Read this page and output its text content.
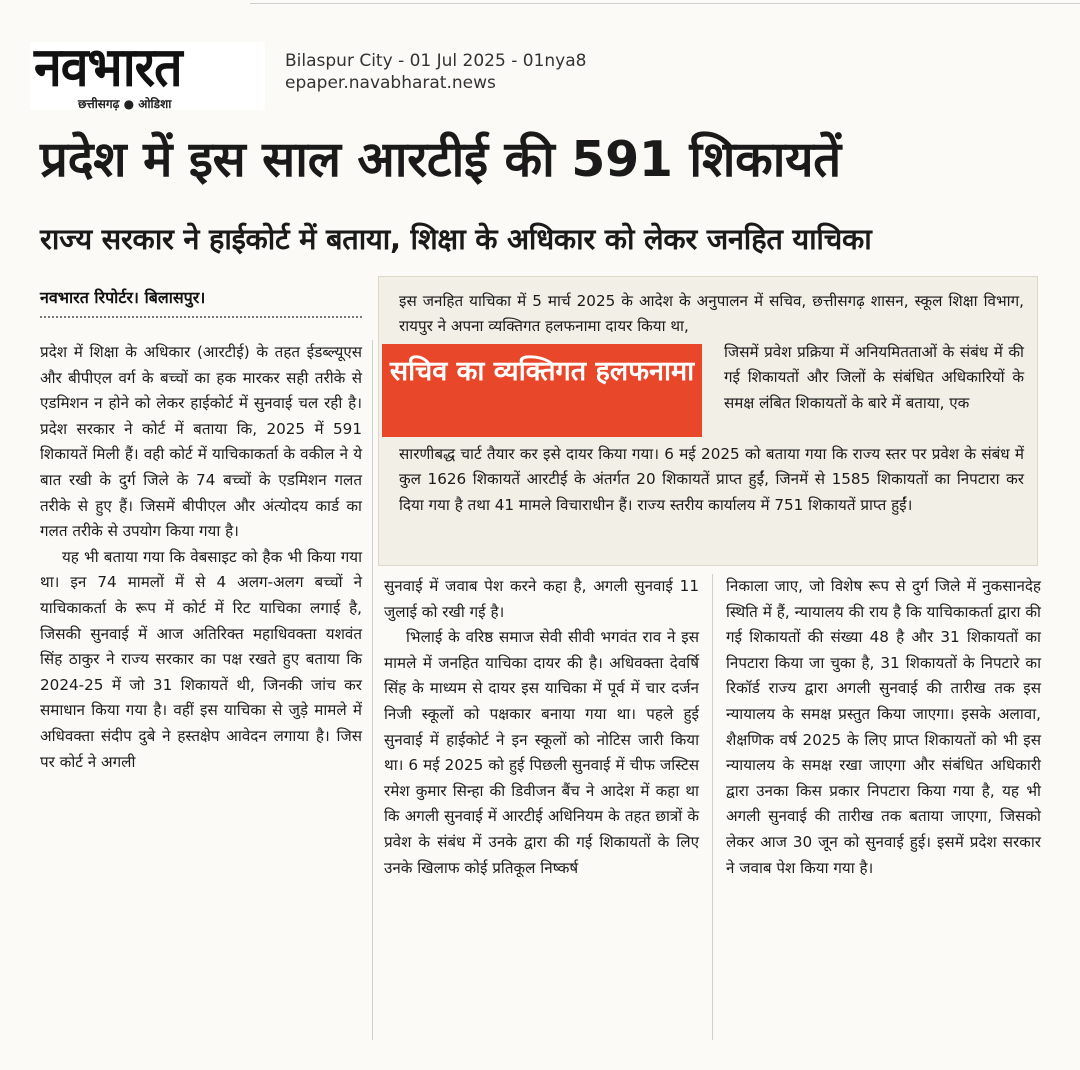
नवभारत
छत्तीसगढ़ ● ओडिशा
Bilaspur City - 01 Jul 2025 - 01nya8
epaper.navabharat.news
प्रदेश में इस साल आरटीई की 591 शिकायतें
राज्य सरकार ने हाईकोर्ट में बताया, शिक्षा के अधिकार को लेकर जनहित याचिका
नवभारत रिपोर्टर। बिलासपुर।

प्रदेश में शिक्षा के अधिकार (आरटीई) के तहत ईडब्ल्यूएस और बीपीएल वर्ग के बच्चों का हक मारकर सही तरीके से एडमिशन न होने को लेकर हाईकोर्ट में सुनवाई चल रही है। प्रदेश सरकार ने कोर्ट में बताया कि, 2025 में 591 शिकायतें मिली हैं। वही कोर्ट में याचिकाकर्ता के वकील ने ये बात रखी के दुर्ग जिले के 74 बच्चों के एडमिशन गलत तरीके से हुए हैं। जिसमें बीपीएल और अंत्योदय कार्ड का गलत तरीके से उपयोग किया गया है।

यह भी बताया गया कि वेबसाइट को हैक भी किया गया था। इन 74 मामलों में से 4 अलग-अलग बच्चों ने याचिकाकर्ता के रूप में कोर्ट में रिट याचिका लगाई है, जिसकी सुनवाई में आज अतिरिक्त महाधिवक्ता यशवंत सिंह ठाकुर ने राज्य सरकार का पक्ष रखते हुए बताया कि 2024-25 में जो 31 शिकायतें थी, जिनकी जांच कर समाधान किया गया है। वहीं इस याचिका से जुड़े मामले में अधिवक्ता संदीप दुबे ने हस्तक्षेप आवेदन लगाया है। जिस पर कोर्ट ने अगली

इस जनहित याचिका में 5 मार्च 2025 के आदेश के अनुपालन में सचिव, छत्तीसगढ़ शासन, स्कूल शिक्षा विभाग, रायपुर ने अपना व्यक्तिगत हलफनामा दायर किया था,
सचिव का व्यक्तिगत हलफनामा
जिसमें प्रवेश प्रक्रिया में अनियमितताओं के संबंध में की गई शिकायतों और जिलों के संबंधित अधिकारियों के समक्ष लंबित शिकायतों के बारे में बताया, एक
सारणीबद्ध चार्ट तैयार कर इसे दायर किया गया। 6 मई 2025 को बताया गया कि राज्य स्तर पर प्रवेश के संबंध में कुल 1626 शिकायतें आरटीई के अंतर्गत 20 शिकायतें प्राप्त हुईं, जिनमें से 1585 शिकायतों का निपटारा कर दिया गया है तथा 41 मामले विचाराधीन हैं। राज्य स्तरीय कार्यालय में 751 शिकायतें प्राप्त हुईं।

सुनवाई में जवाब पेश करने कहा है, अगली सुनवाई 11 जुलाई को रखी गई है।

भिलाई के वरिष्ठ समाज सेवी सीवी भगवंत राव ने इस मामले में जनहित याचिका दायर की है। अधिवक्ता देवर्षि सिंह के माध्यम से दायर इस याचिका में पूर्व में चार दर्जन निजी स्कूलों को पक्षकार बनाया गया था। पहले हुई सुनवाई में हाईकोर्ट ने इन स्कूलों को नोटिस जारी किया था। 6 मई 2025 को हुई पिछली सुनवाई में चीफ जस्टिस रमेश कुमार सिन्हा की डिवीजन बैंच ने आदेश में कहा था कि अगली सुनवाई में आरटीई अधिनियम के तहत छात्रों के प्रवेश के संबंध में उनके द्वारा की गई शिकायतों के लिए उनके खिलाफ कोई प्रतिकूल निष्कर्ष

निकाला जाए, जो विशेष रूप से दुर्ग जिले में नुकसानदेह स्थिति में हैं, न्यायालय की राय है कि याचिकाकर्ता द्वारा की गई शिकायतों की संख्या 48 है और 31 शिकायतों का निपटारा किया जा चुका है, 31 शिकायतों के निपटारे का रिकॉर्ड राज्य द्वारा अगली सुनवाई की तारीख तक इस न्यायालय के समक्ष प्रस्तुत किया जाएगा। इसके अलावा, शैक्षणिक वर्ष 2025 के लिए प्राप्त शिकायतों को भी इस न्यायालय के समक्ष रखा जाएगा और संबंधित अधिकारी द्वारा उनका किस प्रकार निपटारा किया गया है, यह भी अगली सुनवाई की तारीख तक बताया जाएगा, जिसको लेकर आज 30 जून को सुनवाई हुई। इसमें प्रदेश सरकार ने जवाब पेश किया गया है।
